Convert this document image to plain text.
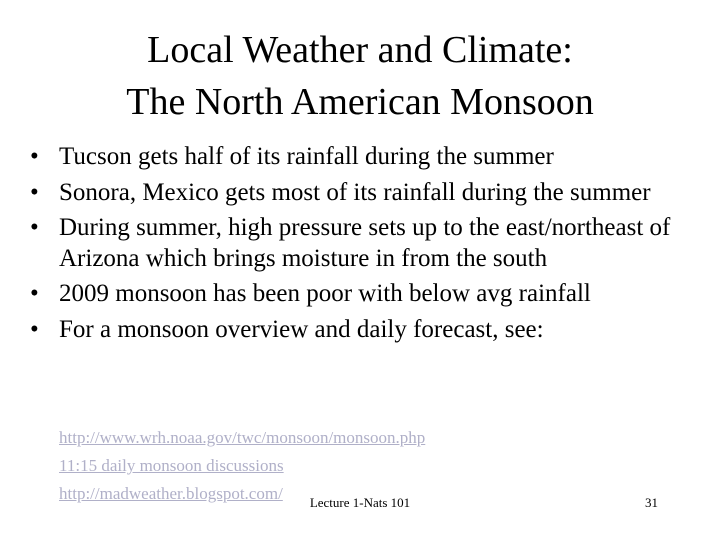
Local Weather and Climate:
The North American Monsoon
• Tucson gets half of its rainfall during the summer
• Sonora, Mexico gets most of its rainfall during the summer
• During summer, high pressure sets up to the east/northeast of Arizona which brings moisture in from the south
• 2009 monsoon has been poor with below avg rainfall
• For a monsoon overview and daily forecast, see:
http://www.wrh.noaa.gov/twc/monsoon/monsoon.php
11:15 daily monsoon discussions
http://madweather.blogspot.com/	Lecture 1-Nats 101	31
